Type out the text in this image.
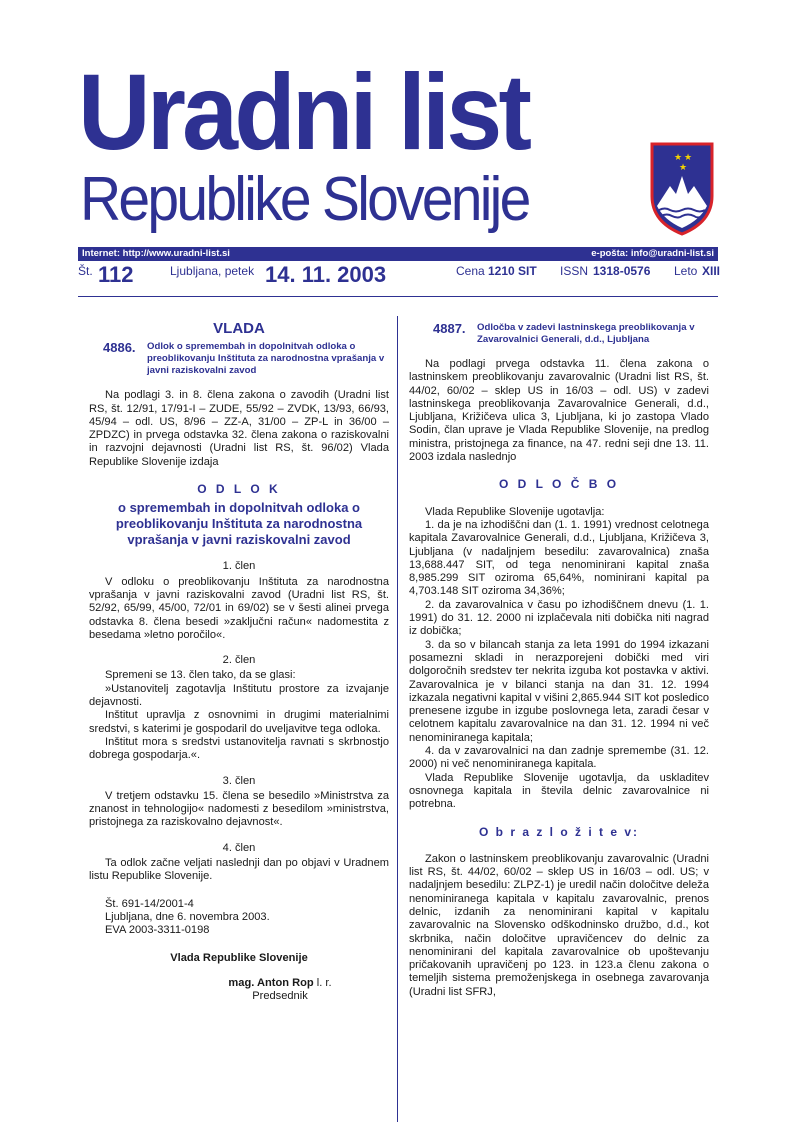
Uradni list
Republike Slovenije
★ ★
★
Internet: http://www.uradni-list.si	e-pošta: info@uradni-list.si
Št. 112	Ljubljana, petek 14. 11. 2003	Cena 1210 SIT ISSN 1318-0576 Leto XIII

VLADA

4886.	Odlok o spremembah in dopolnitvah odloka o preoblikovanju Inštituta za narodnostna vprašanja v javni raziskovalni zavod

Na podlagi 3. in 8. člena zakona o zavodih (Uradni list RS, št. 12/91, 17/91-I – ZUDE, 55/92 – ZVDK, 13/93, 66/93, 45/94 – odl. US, 8/96 – ZZ-A, 31/00 – ZP-L in 36/00 – ZPDZC) in prvega odstavka 32. člena zakona o raziskovalni in razvojni dejavnosti (Uradni list RS, št. 96/02) Vlada Republike Slovenije izdaja

O D L O K

o spremembah in dopolnitvah odloka o preoblikovanju Inštituta za narodnostna vprašanja v javni raziskovalni zavod

1. člen

V odloku o preoblikovanju Inštituta za narodnostna vprašanja v javni raziskovalni zavod (Uradni list RS, št. 52/92, 65/99, 45/00, 72/01 in 69/02) se v šesti alinei prvega odstavka 8. člena besedi »zaključni račun« nadomestita z besedama »letno poročilo«.

2. člen

Spremeni se 13. člen tako, da se glasi:

»Ustanovitelj zagotavlja Inštitutu prostore za izvajanje dejavnosti.

Inštitut upravlja z osnovnimi in drugimi materialnimi sredstvi, s katerimi je gospodaril do uveljavitve tega odloka.

Inštitut mora s sredstvi ustanovitelja ravnati s skrbnostjo dobrega gospodarja.«.

3. člen

V tretjem odstavku 15. člena se besedilo »Ministrstva za znanost in tehnologijo« nadomesti z besedilom »ministrstva, pristojnega za raziskovalno dejavnost«.

4. člen

Ta odlok začne veljati naslednji dan po objavi v Uradnem listu Republike Slovenije.

Št. 691-14/2001-4
Ljubljana, dne 6. novembra 2003.
EVA 2003-3311-0198

Vlada Republike Slovenije

mag. Anton Rop l. r.
Predsednik
4887.	Odločba v zadevi lastninskega preoblikovanja v Zavarovalnici Generali, d.d., Ljubljana

Na podlagi prvega odstavka 11. člena zakona o lastninskem preoblikovanju zavarovalnic (Uradni list RS, št. 44/02, 60/02 – sklep US in 16/03 – odl. US) v zadevi lastninskega preoblikovanja Zavarovalnice Generali, d.d., Ljubljana, Križičeva ulica 3, Ljubljana, ki jo zastopa Vlado Sodin, član uprave je Vlada Republike Slovenije, na predlog ministra, pristojnega za finance, na 47. redni seji dne 13. 11. 2003 izdala naslednjo

O D L O Č B O

Vlada Republike Slovenije ugotavlja:

1. da je na izhodiščni dan (1. 1. 1991) vrednost celotnega kapitala Zavarovalnice Generali, d.d., Ljubljana, Križičeva 3, Ljubljana (v nadaljnjem besedilu: zavarovalnica) znaša 13,688.447 SIT, od tega nenominirani kapital znaša 8,985.299 SIT oziroma 65,64%, nominirani kapital pa 4,703.148 SIT oziroma 34,36%;

2. da zavarovalnica v času po izhodiščnem dnevu (1. 1. 1991) do 31. 12. 2000 ni izplačevala niti dobička niti nagrad iz dobička;

3. da so v bilancah stanja za leta 1991 do 1994 izkazani posamezni skladi in nerazporejeni dobički med viri dolgoročnih sredstev ter nekrita izguba kot postavka v aktivi. Zavarovalnica je v bilanci stanja na dan 31. 12. 1994 izkazala negativni kapital v višini 2,865.944 SIT kot posledico prenesene izgube in izgube poslovnega leta, zaradi česar v celotnem kapitalu zavarovalnice na dan 31. 12. 1994 ni več nenominiranega kapitala;

4. da v zavarovalnici na dan zadnje spremembe (31. 12. 2000) ni več nenominiranega kapitala.

Vlada Republike Slovenije ugotavlja, da uskladitev osnovnega kapitala in števila delnic zavarovalnice ni potrebna.

O b r a z l o ž i t e v:

Zakon o lastninskem preoblikovanju zavarovalnic (Uradni list RS, št. 44/02, 60/02 – sklep US in 16/03 – odl. US; v nadaljnjem besedilu: ZLPZ-1) je uredil način določitve deleža nenominiranega kapitala v kapitalu zavarovalnic, prenos delnic, izdanih za nenominirani kapital v kapitalu zavarovalnic na Slovensko odškodninsko družbo, d.d., kot skrbnika, način določitve upravičencev do delnic za nenominirani del kapitala zavarovalnice ob upoštevanju pričakovanih upravičenj po 123. in 123.a členu zakona o temeljih sistema premoženjskega in osebnega zavarovanja (Uradni list SFRJ,
